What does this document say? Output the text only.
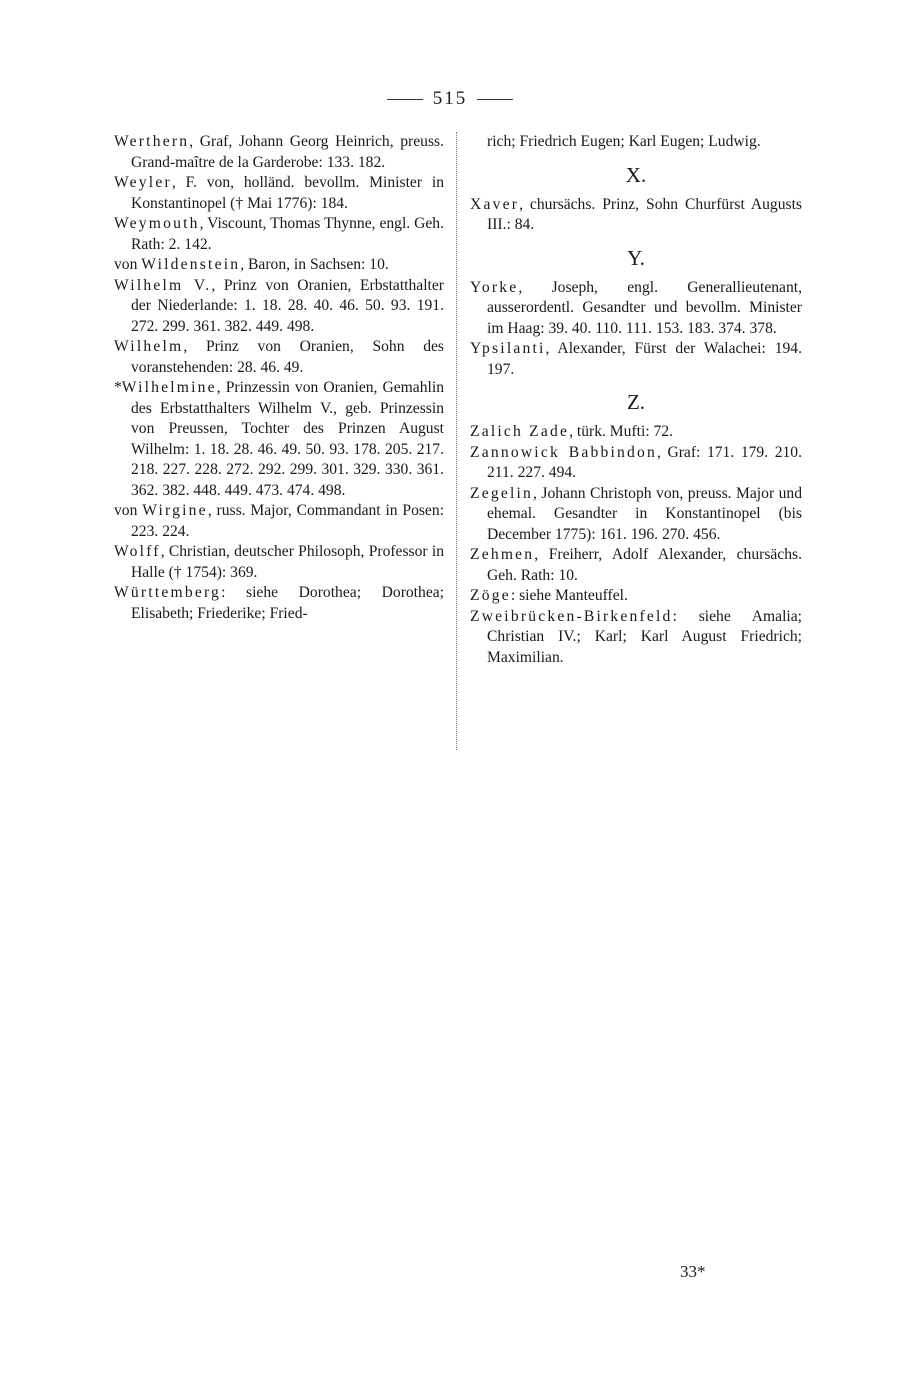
515

Werthern, Graf, Johann Georg Heinrich, preuss. Grand-maître de la Garderobe: 133. 182.

Weyler, F. von, holländ. bevollm. Minister in Konstantinopel († Mai 1776): 184.

Weymouth, Viscount, Thomas Thynne, engl. Geh. Rath: 2. 142.

von Wildenstein, Baron, in Sachsen: 10.

Wilhelm V., Prinz von Oranien, Erbstatthalter der Niederlande: 1. 18. 28. 40. 46. 50. 93. 191. 272. 299. 361. 382. 449. 498.

Wilhelm, Prinz von Oranien, Sohn des voranstehenden: 28. 46. 49.

*Wilhelmine, Prinzessin von Oranien, Gemahlin des Erbstatthalters Wilhelm V., geb. Prinzessin von Preussen, Tochter des Prinzen August Wilhelm: 1. 18. 28. 46. 49. 50. 93. 178. 205. 217. 218. 227. 228. 272. 292. 299. 301. 329. 330. 361. 362. 382. 448. 449. 473. 474. 498.

von Wirgine, russ. Major, Commandant in Posen: 223. 224.

Wolff, Christian, deutscher Philosoph, Professor in Halle († 1754): 369.

Württemberg: siehe Dorothea; Dorothea; Elisabeth; Friederike; Fried-

rich; Friedrich Eugen; Karl Eugen; Ludwig.

X.

Xaver, chursächs. Prinz, Sohn Churfürst Augusts III.: 84.

Y.

Yorke, Joseph, engl. Generallieutenant, ausserordentl. Gesandter und bevollm. Minister im Haag: 39. 40. 110. 111. 153. 183. 374. 378.

Ypsilanti, Alexander, Fürst der Walachei: 194. 197.

Z.

Zalich Zade, türk. Mufti: 72.

Zannowick Babbindon, Graf: 171. 179. 210. 211. 227. 494.

Zegelin, Johann Christoph von, preuss. Major und ehemal. Gesandter in Konstantinopel (bis December 1775): 161. 196. 270. 456.

Zehmen, Freiherr, Adolf Alexander, chursächs. Geh. Rath: 10.

Zöge: siehe Manteuffel.

Zweibrücken-Birkenfeld: siehe Amalia; Christian IV.; Karl; Karl August Friedrich; Maximilian.

33*
